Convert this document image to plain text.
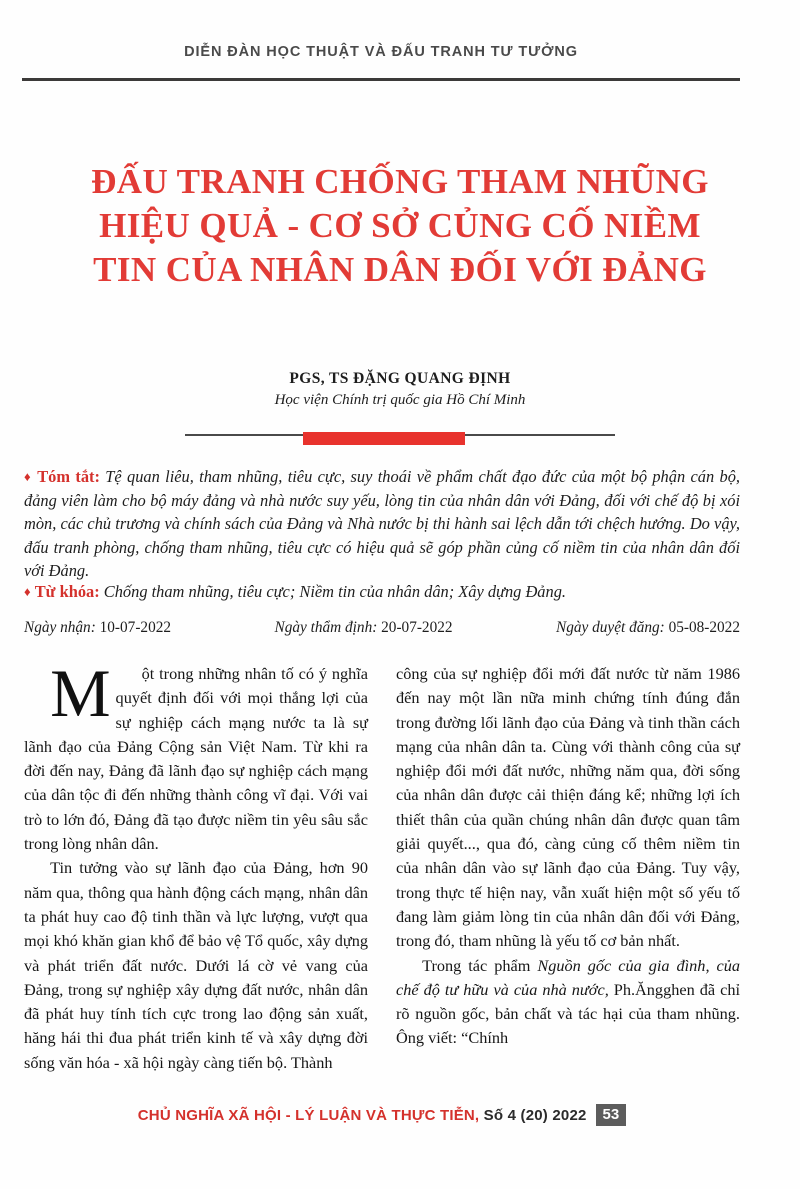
DIỄN ĐÀN HỌC THUẬT VÀ ĐẤU TRANH TƯ TƯỞNG
ĐẤU TRANH CHỐNG THAM NHŨNG
HIỆU QUẢ - CƠ SỞ CỦNG CỐ NIỀM
TIN CỦA NHÂN DÂN ĐỐI VỚI ĐẢNG
PGS, TS ĐẶNG QUANG ĐỊNH
Học viện Chính trị quốc gia Hồ Chí Minh
♦ Tóm tắt: Tệ quan liêu, tham nhũng, tiêu cực, suy thoái về phẩm chất đạo đức của một bộ phận cán bộ, đảng viên làm cho bộ máy đảng và nhà nước suy yếu, lòng tin của nhân dân với Đảng, đối với chế độ bị xói mòn, các chủ trương và chính sách của Đảng và Nhà nước bị thi hành sai lệch dẫn tới chệch hướng. Do vậy, đấu tranh phòng, chống tham nhũng, tiêu cực có hiệu quả sẽ góp phần củng cố niềm tin của nhân dân đối với Đảng.
♦ Từ khóa: Chống tham nhũng, tiêu cực; Niềm tin của nhân dân; Xây dựng Đảng.
Ngày nhận: 10-07-2022	Ngày thẩm định: 20-07-2022	Ngày duyệt đăng: 05-08-2022

M	ột trong những nhân tố có ý nghĩa quyết định đối với mọi thắng lợi của sự nghiệp cách mạng nước ta là sự lãnh đạo của Đảng Cộng sản Việt Nam. Từ khi ra đời đến nay, Đảng đã lãnh đạo sự nghiệp cách mạng của dân tộc đi đến những thành công vĩ đại. Với vai trò to lớn đó, Đảng đã tạo được niềm tin yêu sâu sắc trong lòng nhân dân.

Tin tưởng vào sự lãnh đạo của Đảng, hơn 90 năm qua, thông qua hành động cách mạng, nhân dân ta phát huy cao độ tinh thần và lực lượng, vượt qua mọi khó khăn gian khổ để bảo vệ Tổ quốc, xây dựng và phát triển đất nước. Dưới lá cờ vẻ vang của Đảng, trong sự nghiệp xây dựng đất nước, nhân dân đã phát huy tính tích cực trong lao động sản xuất, hăng hái thi đua phát triển kinh tế và xây dựng đời sống văn hóa - xã hội ngày càng tiến bộ. Thành

công của sự nghiệp đổi mới đất nước từ năm 1986 đến nay một lần nữa minh chứng tính đúng đắn trong đường lối lãnh đạo của Đảng và tinh thần cách mạng của nhân dân ta. Cùng với thành công của sự nghiệp đổi mới đất nước, những năm qua, đời sống của nhân dân được cải thiện đáng kể; những lợi ích thiết thân của quần chúng nhân dân được quan tâm giải quyết..., qua đó, càng củng cố thêm niềm tin của nhân dân vào sự lãnh đạo của Đảng. Tuy vậy, trong thực tế hiện nay, vẫn xuất hiện một số yếu tố đang làm giảm lòng tin của nhân dân đối với Đảng, trong đó, tham nhũng là yếu tố cơ bản nhất.

Trong tác phẩm Nguồn gốc của gia đình, của chế độ tư hữu và của nhà nước, Ph.Ăngghen đã chỉ rõ nguồn gốc, bản chất và tác hại của tham nhũng. Ông viết: “Chính

CHỦ NGHĨA XÃ HỘI - LÝ LUẬN VÀ THỰC TIỄN, Số 4 (20) 2022	53
